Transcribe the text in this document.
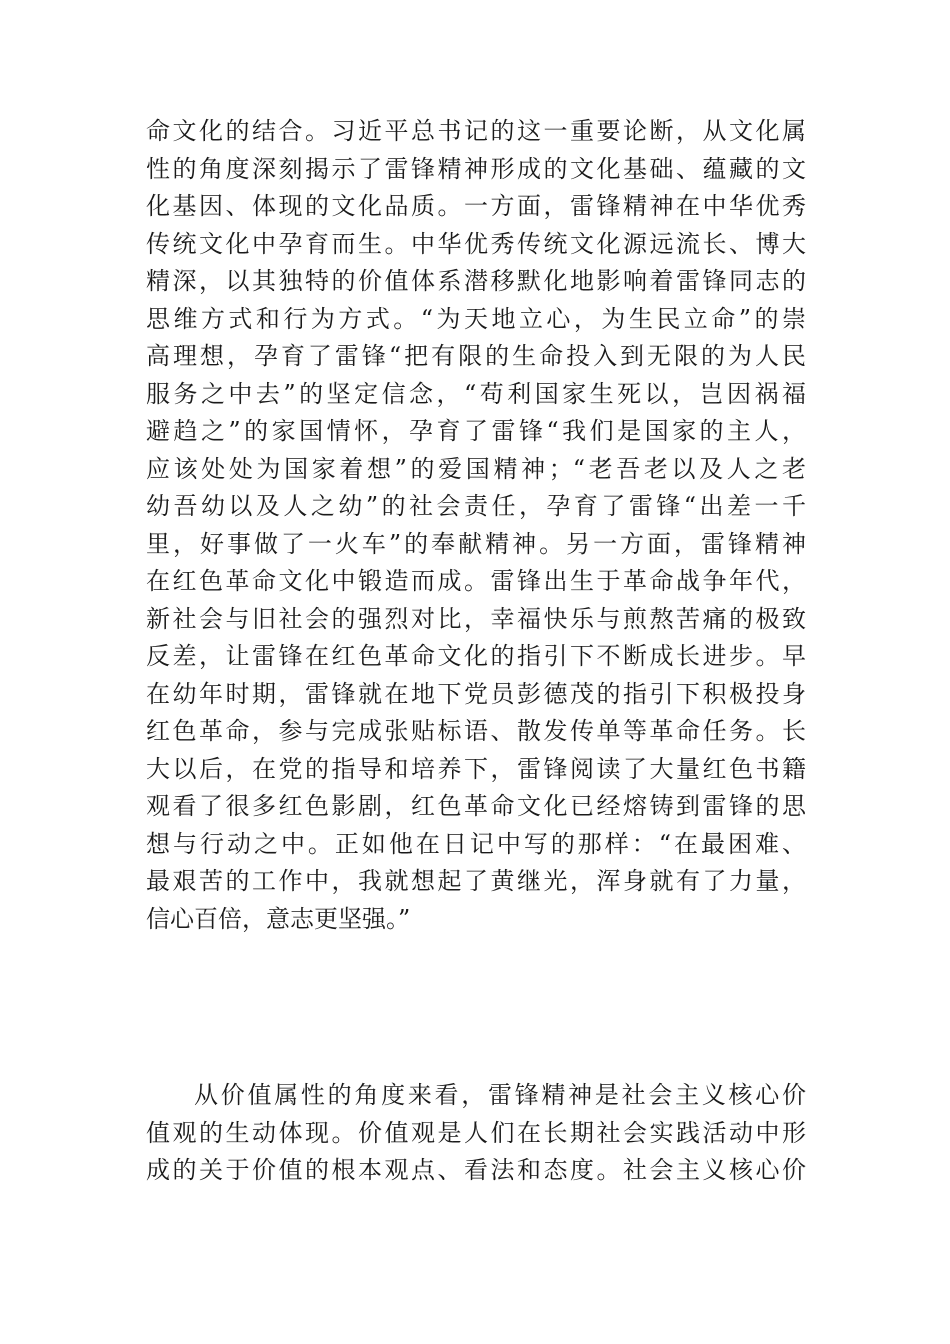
命文化的结合。习近平总书记的这一重要论断，从文化属
性的角度深刻揭示了雷锋精神形成的文化基础、蕴藏的文
化基因、体现的文化品质。一方面，雷锋精神在中华优秀
传统文化中孕育而生。中华优秀传统文化源远流长、博大
精深，以其独特的价值体系潜移默化地影响着雷锋同志的
思维方式和行为方式。“为天地立心，为生民立命”的崇
高理想，孕育了雷锋“把有限的生命投入到无限的为人民
服务之中去”的坚定信念，“苟利国家生死以，岂因祸福
避趋之”的家国情怀，孕育了雷锋“我们是国家的主人，
应该处处为国家着想”的爱国精神；“老吾老以及人之老
幼吾幼以及人之幼”的社会责任，孕育了雷锋“出差一千
里，好事做了一火车”的奉献精神。另一方面，雷锋精神
在红色革命文化中锻造而成。雷锋出生于革命战争年代，
新社会与旧社会的强烈对比，幸福快乐与煎熬苦痛的极致
反差，让雷锋在红色革命文化的指引下不断成长进步。早
在幼年时期，雷锋就在地下党员彭德茂的指引下积极投身
红色革命，参与完成张贴标语、散发传单等革命任务。长
大以后，在党的指导和培养下，雷锋阅读了大量红色书籍
观看了很多红色影剧，红色革命文化已经熔铸到雷锋的思
想与行动之中。正如他在日记中写的那样：“在最困难、
最艰苦的工作中，我就想起了黄继光，浑身就有了力量，
信心百倍，意志更坚强。”
从价值属性的角度来看，雷锋精神是社会主义核心价
值观的生动体现。价值观是人们在长期社会实践活动中形
成的关于价值的根本观点、看法和态度。社会主义核心价
